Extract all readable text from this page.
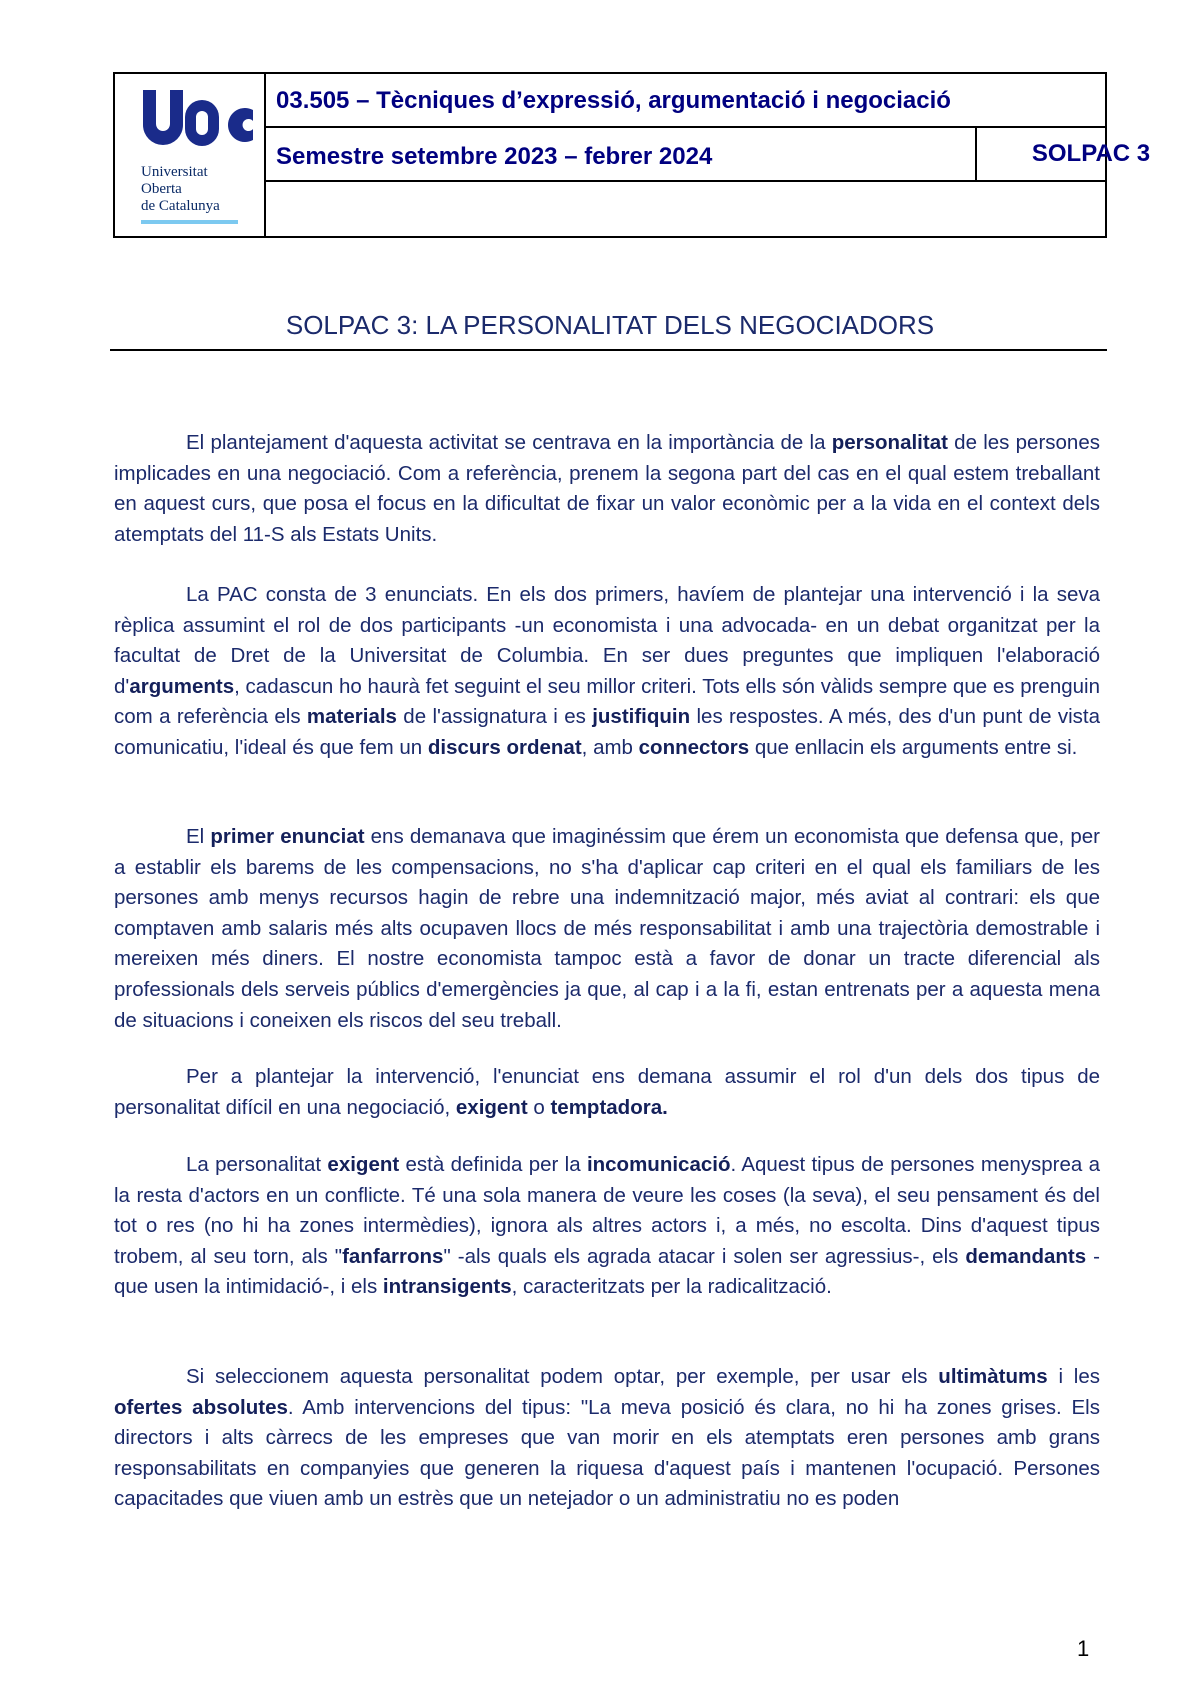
Universitat
Oberta
de Catalunya
03.505 – Tècniques d’expressió, argumentació i negociació
Semestre setembre 2023 – febrer 2024	SOLPAC 3
SOLPAC 3: LA PERSONALITAT DELS NEGOCIADORS

El plantejament d'aquesta activitat se centrava en la importància de la personalitat de les persones implicades en una negociació. Com a referència, prenem la segona part del cas en el qual estem treballant en aquest curs, que posa el focus en la dificultat de fixar un valor econòmic per a la vida en el context dels atemptats del 11-S als Estats Units.

La PAC consta de 3 enunciats. En els dos primers, havíem de plantejar una intervenció i la seva rèplica assumint el rol de dos participants -un economista i una advocada- en un debat organitzat per la facultat de Dret de la Universitat de Columbia. En ser dues preguntes que impliquen l'elaboració d'arguments, cadascun ho haurà fet seguint el seu millor criteri. Tots ells són vàlids sempre que es prenguin com a referència els materials de l'assignatura i es justifiquin les respostes. A més, des d'un punt de vista comunicatiu, l'ideal és que fem un discurs ordenat, amb connectors que enllacin els arguments entre si.

El primer enunciat ens demanava que imaginéssim que érem un economista que defensa que, per a establir els barems de les compensacions, no s'ha d'aplicar cap criteri en el qual els familiars de les persones amb menys recursos hagin de rebre una indemnització major, més aviat al contrari: els que comptaven amb salaris més alts ocupaven llocs de més responsabilitat i amb una trajectòria demostrable i mereixen més diners. El nostre economista tampoc està a favor de donar un tracte diferencial als professionals dels serveis públics d'emergències ja que, al cap i a la fi, estan entrenats per a aquesta mena de situacions i coneixen els riscos del seu treball.

Per a plantejar la intervenció, l'enunciat ens demana assumir el rol d'un dels dos tipus de personalitat difícil en una negociació, exigent o temptadora.

La personalitat exigent està definida per la incomunicació. Aquest tipus de persones menysprea a la resta d'actors en un conflicte. Té una sola manera de veure les coses (la seva), el seu pensament és del tot o res (no hi ha zones intermèdies), ignora als altres actors i, a més, no escolta. Dins d'aquest tipus trobem, al seu torn, als "fanfarrons" -als quals els agrada atacar i solen ser agressius-, els demandants -que usen la intimidació-, i els intransigents, caracteritzats per la radicalització.

Si seleccionem aquesta personalitat podem optar, per exemple, per usar els ultimàtums i les ofertes absolutes. Amb intervencions del tipus: "La meva posició és clara, no hi ha zones grises. Els directors i alts càrrecs de les empreses que van morir en els atemptats eren persones amb grans responsabilitats en companyies que generen la riquesa d'aquest país i mantenen l'ocupació. Persones capacitades que viuen amb un estrès que un netejador o un administratiu no es poden

1
